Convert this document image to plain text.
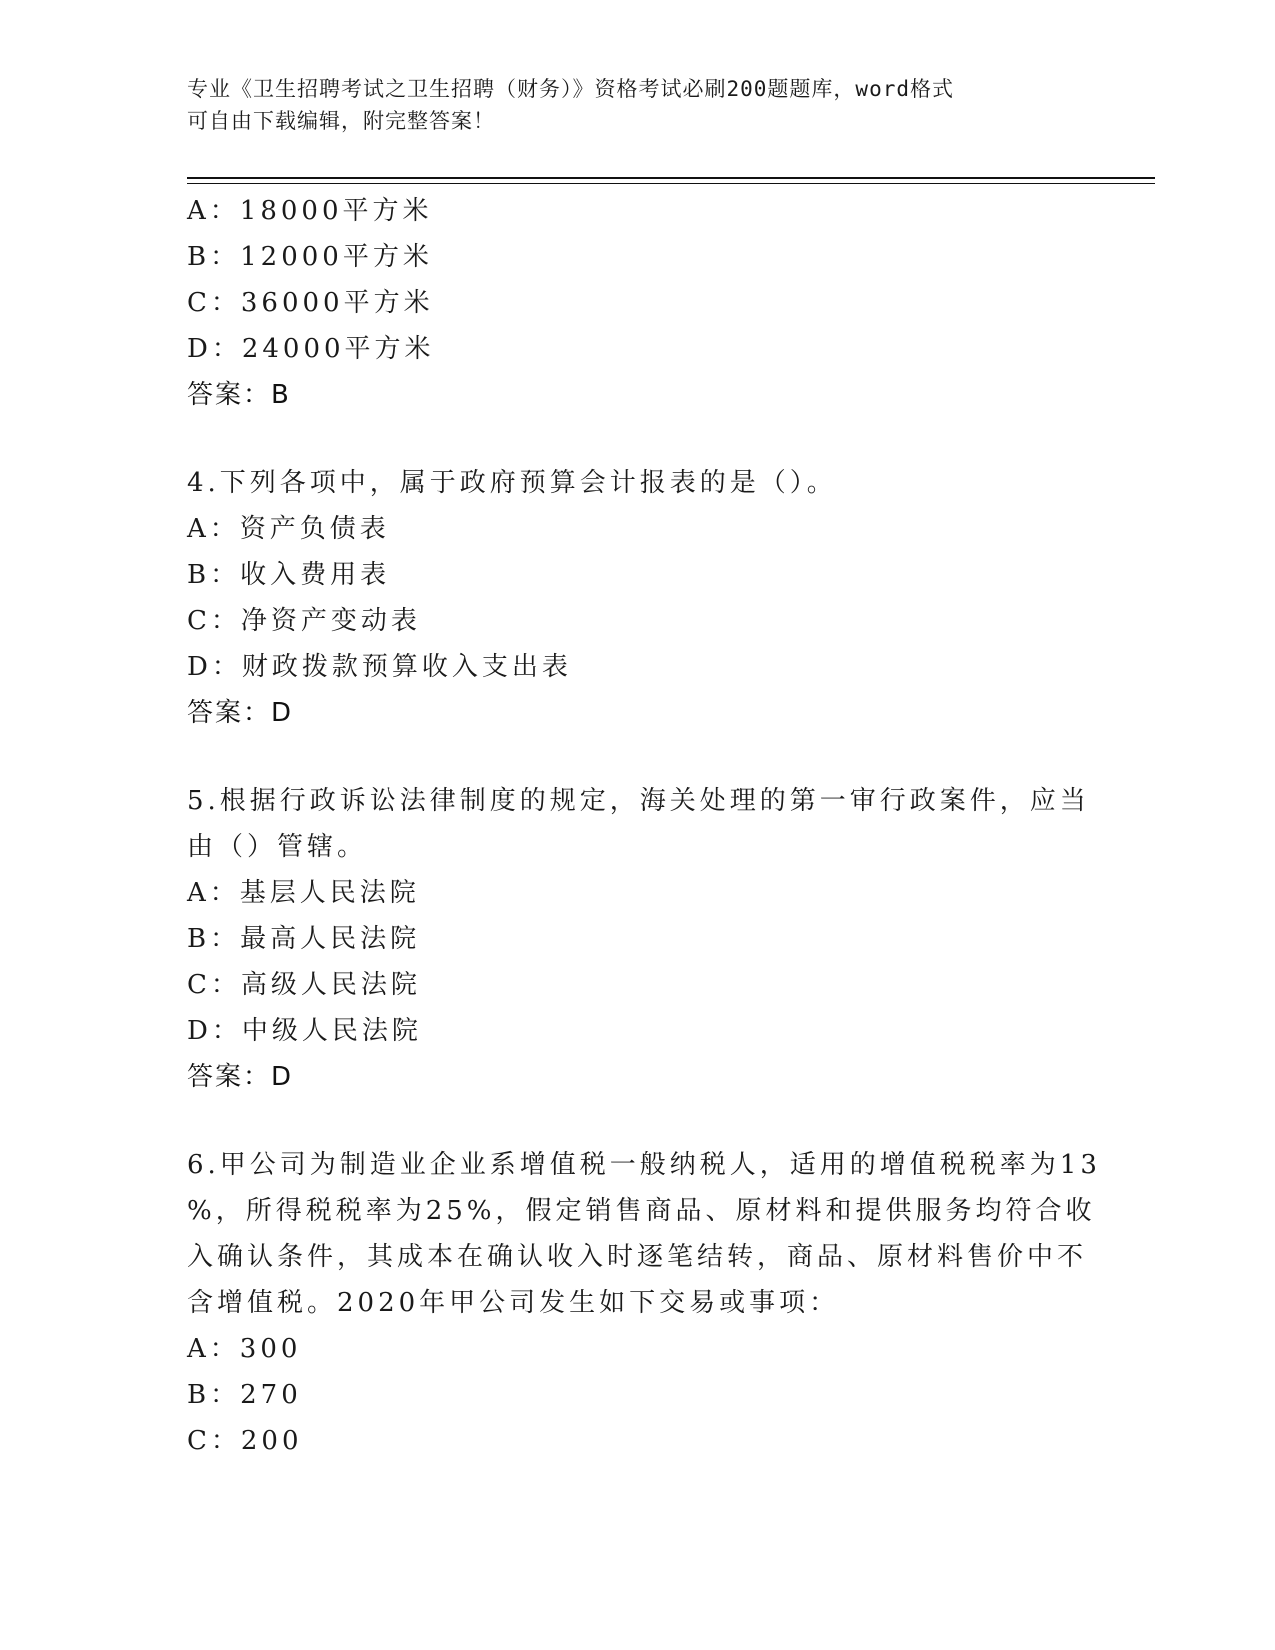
专业《卫生招聘考试之卫生招聘（财务）》资格考试必刷200题题库，word格式
可自由下载编辑，附完整答案！
A：18000平方米
B：12000平方米
C：36000平方米
D：24000平方米
答案：B
4.下列各项中，属于政府预算会计报表的是（）。
A：资产负债表
B：收入费用表
C：净资产变动表
D：财政拨款预算收入支出表
答案：D
5.根据行政诉讼法律制度的规定，海关处理的第一审行政案件，应当
由（）管辖。
A：基层人民法院
B：最高人民法院
C：高级人民法院
D：中级人民法院
答案：D
6.甲公司为制造业企业系增值税一般纳税人，适用的增值税税率为13
%，所得税税率为25%，假定销售商品、原材料和提供服务均符合收
入确认条件，其成本在确认收入时逐笔结转，商品、原材料售价中不
含增值税。2020年甲公司发生如下交易或事项：
A：300
B：270
C：200
